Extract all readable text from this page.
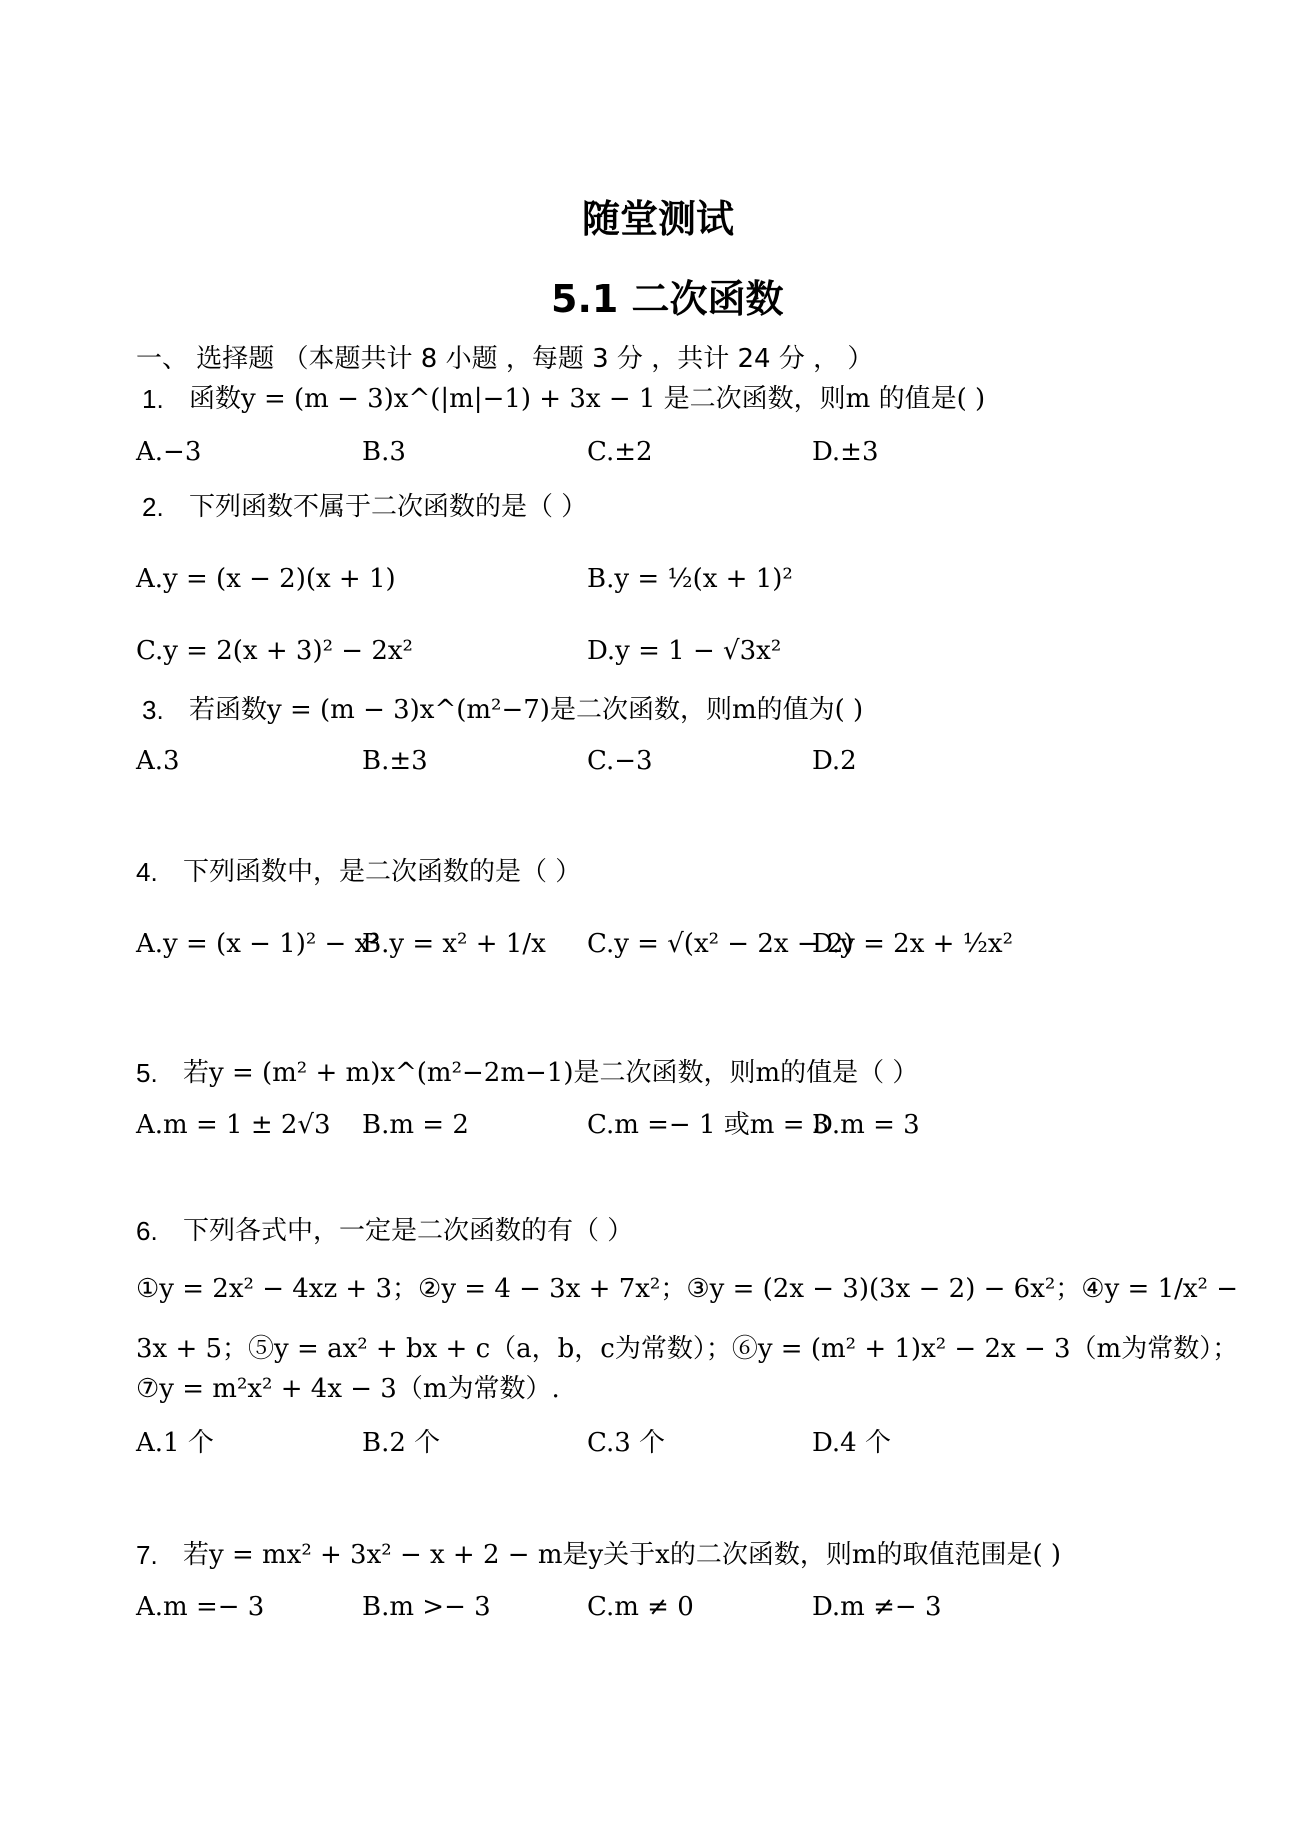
随堂测试
5.1 二次函数
一、 选择题 （本题共计 8 小题 ，每题 3 分 ，共计 24 分 ， ）
1. 函数y = (m − 3)x^(|m|−1) + 3x − 1 是二次函数，则m 的值是( )
A.−3	B.3	C.±2	D.±3
2. 下列函数不属于二次函数的是（ ）
A.y = (x − 2)(x + 1)	B.y = ½(x + 1)²
C.y = 2(x + 3)² − 2x²	D.y = 1 − √3x²
3. 若函数y = (m − 3)x^(m²−7)是二次函数，则m的值为( )
A.3	B.±3	C.−3	D.2
4. 下列函数中，是二次函数的是（ ）
A.y = (x − 1)² − x²
B.y = x² + 1/x C.y = √(x² − 2x − 2)
D.y = 2x + ½x²
5. 若y = (m² + m)x^(m²−2m−1)是二次函数，则m的值是（ ）
A.m = 1 ± 2√3 B.m = 2	C.m =− 1 或m = 3
D.m = 3
6. 下列各式中，一定是二次函数的有（ ）
①y = 2x² − 4xz + 3；②y = 4 − 3x + 7x²；③y = (2x − 3)(3x − 2) − 6x²；④y = 1/x² −
3x + 5；⑤y = ax² + bx + c（a，b，c为常数）；⑥y = (m² + 1)x² − 2x − 3（m为常数）；
⑦y = m²x² + 4x − 3（m为常数）.
A.1 个	B.2 个	C.3 个	D.4 个
7. 若y = mx² + 3x² − x + 2 − m是y关于x的二次函数，则m的取值范围是( )
A.m =− 3	B.m >− 3	C.m ≠ 0	D.m ≠− 3
